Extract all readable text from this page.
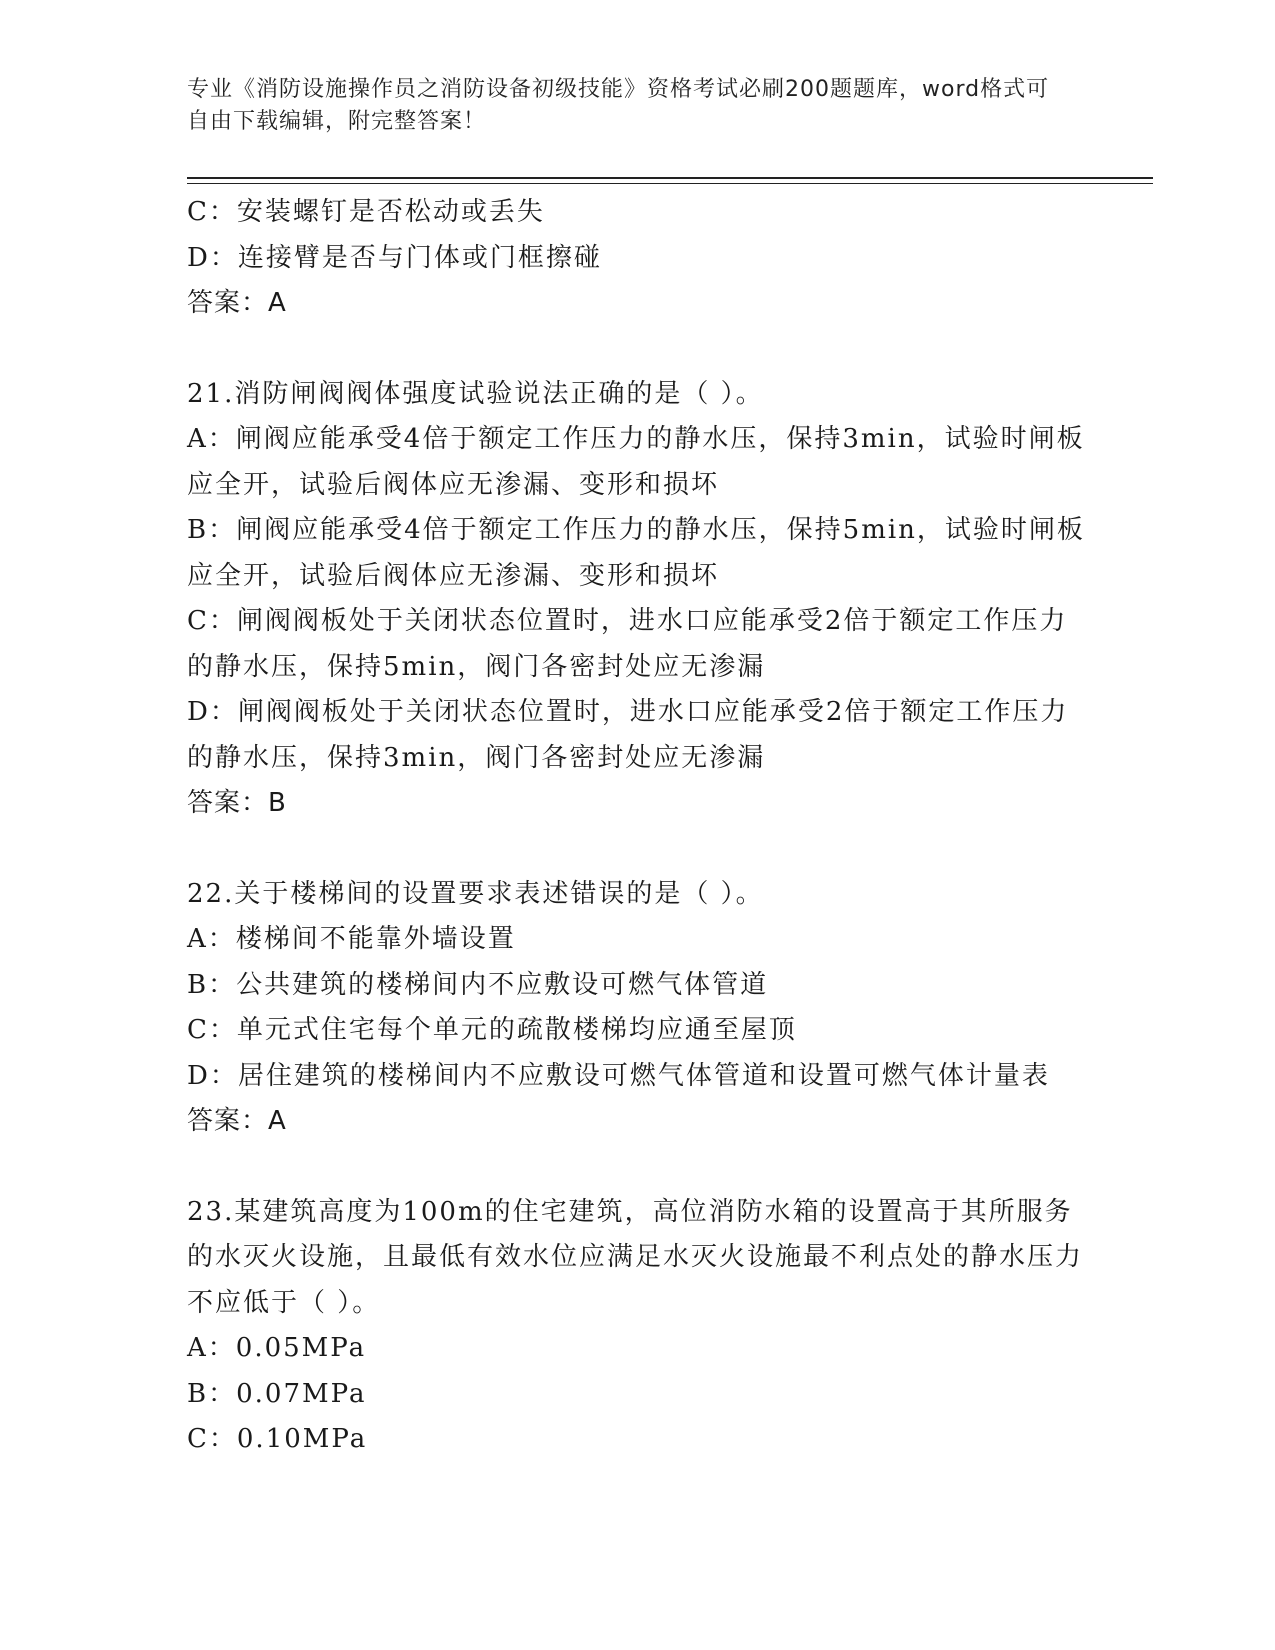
专业《消防设施操作员之消防设备初级技能》资格考试必刷200题题库，word格式可自由下载编辑，附完整答案！
C：安装螺钉是否松动或丢失
D：连接臂是否与门体或门框擦碰
答案：A
21.消防闸阀阀体强度试验说法正确的是（ ）。
A：闸阀应能承受4倍于额定工作压力的静水压，保持3min，试验时闸板应全开，试验后阀体应无渗漏、变形和损坏
B：闸阀应能承受4倍于额定工作压力的静水压，保持5min，试验时闸板应全开，试验后阀体应无渗漏、变形和损坏
C：闸阀阀板处于关闭状态位置时，进水口应能承受2倍于额定工作压力的静水压，保持5min，阀门各密封处应无渗漏
D：闸阀阀板处于关闭状态位置时，进水口应能承受2倍于额定工作压力的静水压，保持3min，阀门各密封处应无渗漏
答案：B
22.关于楼梯间的设置要求表述错误的是（ ）。
A：楼梯间不能靠外墙设置
B：公共建筑的楼梯间内不应敷设可燃气体管道
C：单元式住宅每个单元的疏散楼梯均应通至屋顶
D：居住建筑的楼梯间内不应敷设可燃气体管道和设置可燃气体计量表
答案：A
23.某建筑高度为100m的住宅建筑，高位消防水箱的设置高于其所服务的水灭火设施，且最低有效水位应满足水灭火设施最不利点处的静水压力不应低于（ ）。
A：0.05MPa
B：0.07MPa
C：0.10MPa
